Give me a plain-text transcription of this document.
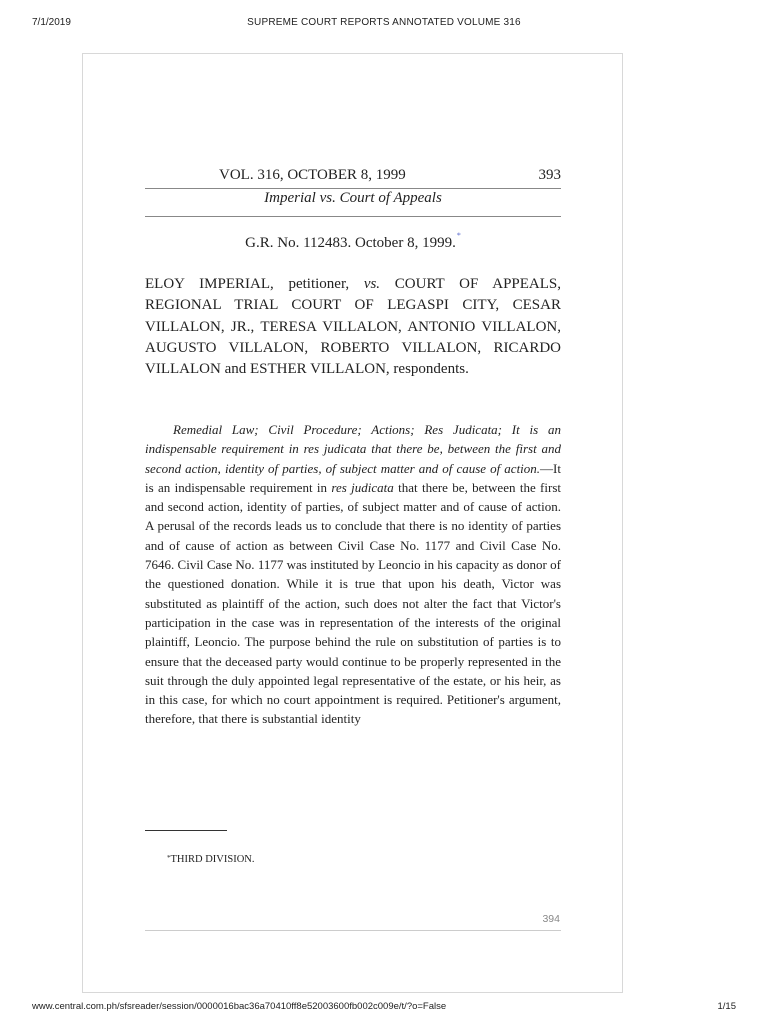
7/1/2019	SUPREME COURT REPORTS ANNOTATED VOLUME 316
VOL. 316, OCTOBER 8, 1999	393
Imperial vs. Court of Appeals
G.R. No. 112483. October 8, 1999.*
ELOY IMPERIAL, petitioner, vs. COURT OF APPEALS, REGIONAL TRIAL COURT OF LEGASPI CITY, CESAR VILLALON, JR., TERESA VILLALON, ANTONIO VILLALON, AUGUSTO VILLALON, ROBERTO VILLALON, RICARDO VILLALON and ESTHER VILLALON, respondents.
Remedial Law; Civil Procedure; Actions; Res Judicata; It is an indispensable requirement in res judicata that there be, between the first and second action, identity of parties, of subject matter and of cause of action.—It is an indispensable requirement in res judicata that there be, between the first and second action, identity of parties, of subject matter and of cause of action. A perusal of the records leads us to conclude that there is no identity of parties and of cause of action as between Civil Case No. 1177 and Civil Case No. 7646. Civil Case No. 1177 was instituted by Leoncio in his capacity as donor of the questioned donation. While it is true that upon his death, Victor was substituted as plaintiff of the action, such does not alter the fact that Victor's participation in the case was in representation of the interests of the original plaintiff, Leoncio. The purpose behind the rule on substitution of parties is to ensure that the deceased party would continue to be properly represented in the suit through the duly appointed legal representative of the estate, or his heir, as in this case, for which no court appointment is required. Petitioner's argument, therefore, that there is substantial identity
*THIRD DIVISION.
394
www.central.com.ph/sfsreader/session/0000016bac36a70410ff8e52003600fb002c009e/t/?o=False	1/15
